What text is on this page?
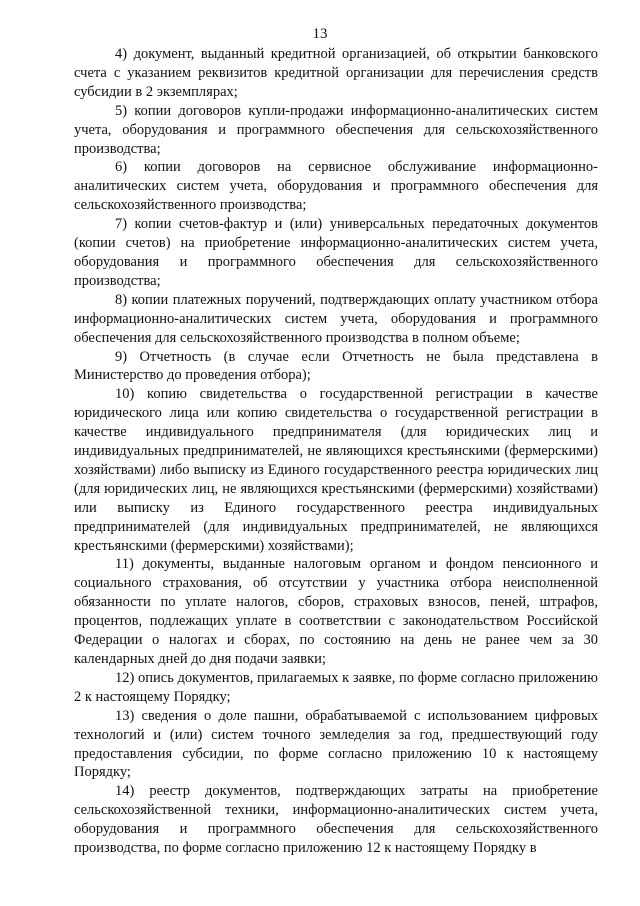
13

4) документ, выданный кредитной организацией, об открытии банковского счета с указанием реквизитов кредитной организации для перечисления средств субсидии в 2 экземплярах;

5) копии договоров купли-продажи информационно-аналитических систем учета, оборудования и программного обеспечения для сельскохозяйственного производства;

6) копии договоров на сервисное обслуживание информационно-аналитических систем учета, оборудования и программного обеспечения для сельскохозяйственного производства;

7) копии счетов-фактур и (или) универсальных передаточных документов (копии счетов) на приобретение информационно-аналитических систем учета, оборудования и программного обеспечения для сельскохозяйственного производства;

8) копии платежных поручений, подтверждающих оплату участником отбора информационно-аналитических систем учета, оборудования и программного обеспечения для сельскохозяйственного производства в полном объеме;

9) Отчетность (в случае если Отчетность не была представлена в Министерство до проведения отбора);

10) копию свидетельства о государственной регистрации в качестве юридического лица или копию свидетельства о государственной регистрации в качестве индивидуального предпринимателя (для юридических лиц и индивидуальных предпринимателей, не являющихся крестьянскими (фермерскими) хозяйствами) либо выписку из Единого государственного реестра юридических лиц (для юридических лиц, не являющихся крестьянскими (фермерскими) хозяйствами) или выписку из Единого государственного реестра индивидуальных предпринимателей (для индивидуальных предпринимателей, не являющихся крестьянскими (фермерскими) хозяйствами);

11) документы, выданные налоговым органом и фондом пенсионного и социального страхования, об отсутствии у участника отбора неисполненной обязанности по уплате налогов, сборов, страховых взносов, пеней, штрафов, процентов, подлежащих уплате в соответствии с законодательством Российской Федерации о налогах и сборах, по состоянию на день не ранее чем за 30 календарных дней до дня подачи заявки;

12) опись документов, прилагаемых к заявке, по форме согласно приложению 2 к настоящему Порядку;

13) сведения о доле пашни, обрабатываемой с использованием цифровых технологий и (или) систем точного земледелия за год, предшествующий году предоставления субсидии, по форме согласно приложению 10 к настоящему Порядку;

14) реестр документов, подтверждающих затраты на приобретение сельскохозяйственной техники, информационно-аналитических систем учета, оборудования и программного обеспечения для сельскохозяйственного производства, по форме согласно приложению 12 к настоящему Порядку в
